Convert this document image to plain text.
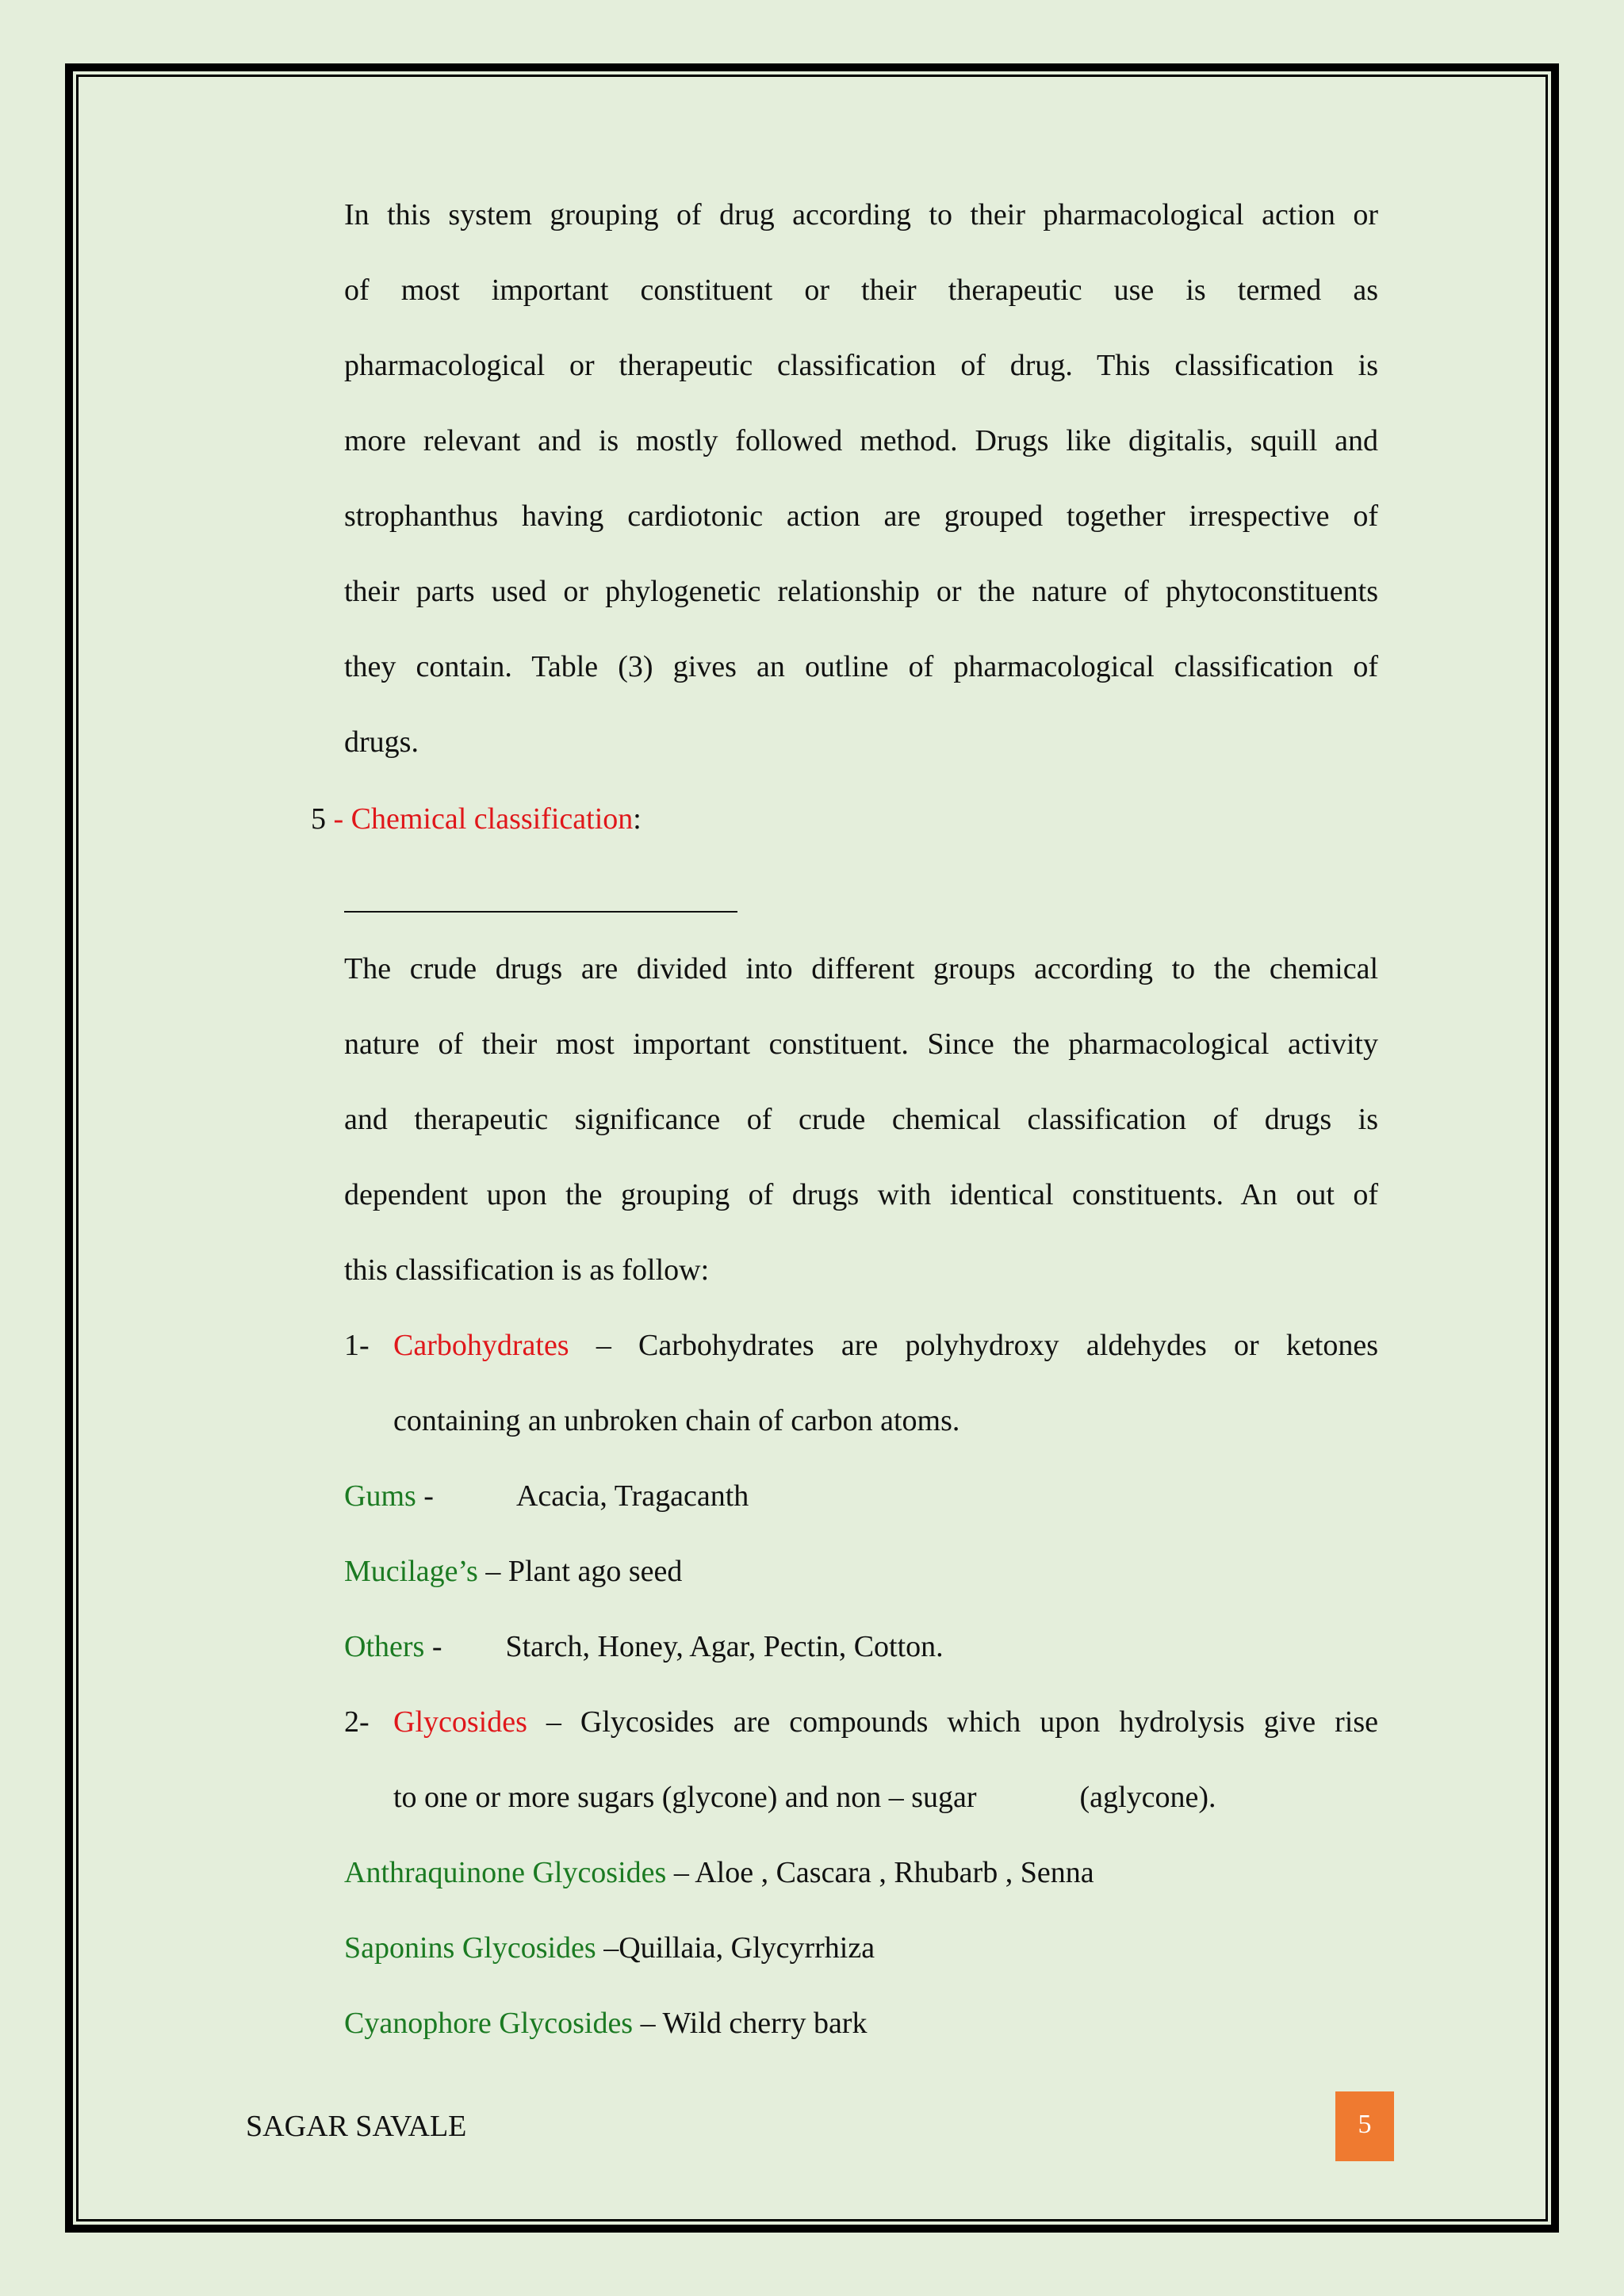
In this system grouping of drug according to their pharmacological action or
of most important constituent or their therapeutic use is termed as
pharmacological or therapeutic classification of drug. This classification is
more relevant and is mostly followed method. Drugs like digitalis, squill and
strophanthus having cardiotonic action are grouped together irrespective of
their parts used or phylogenetic relationship or the nature of phytoconstituents
they contain. Table (3) gives an outline of pharmacological classification of
drugs.
5 - Chemical classification:
The crude drugs are divided into different groups according to the chemical
nature of their most important constituent. Since the pharmacological activity
and therapeutic significance of crude chemical classification of drugs is
dependent upon the grouping of drugs with identical constituents. An out of
this classification is as follow:
1- Carbohydrates – Carbohydrates are polyhydroxy aldehydes or ketones
containing an unbroken chain of carbon atoms.
Gums -	Acacia, Tragacanth
Mucilage’s – Plant ago seed
Others - Starch, Honey, Agar, Pectin, Cotton.
2- Glycosides – Glycosides are compounds which upon hydrolysis give rise
to one or more sugars (glycone) and non – sugar	(aglycone).
Anthraquinone Glycosides – Aloe , Cascara , Rhubarb , Senna
Saponins Glycosides –Quillaia, Glycyrrhiza
Cyanophore Glycosides – Wild cherry bark
SAGAR SAVALE	5
